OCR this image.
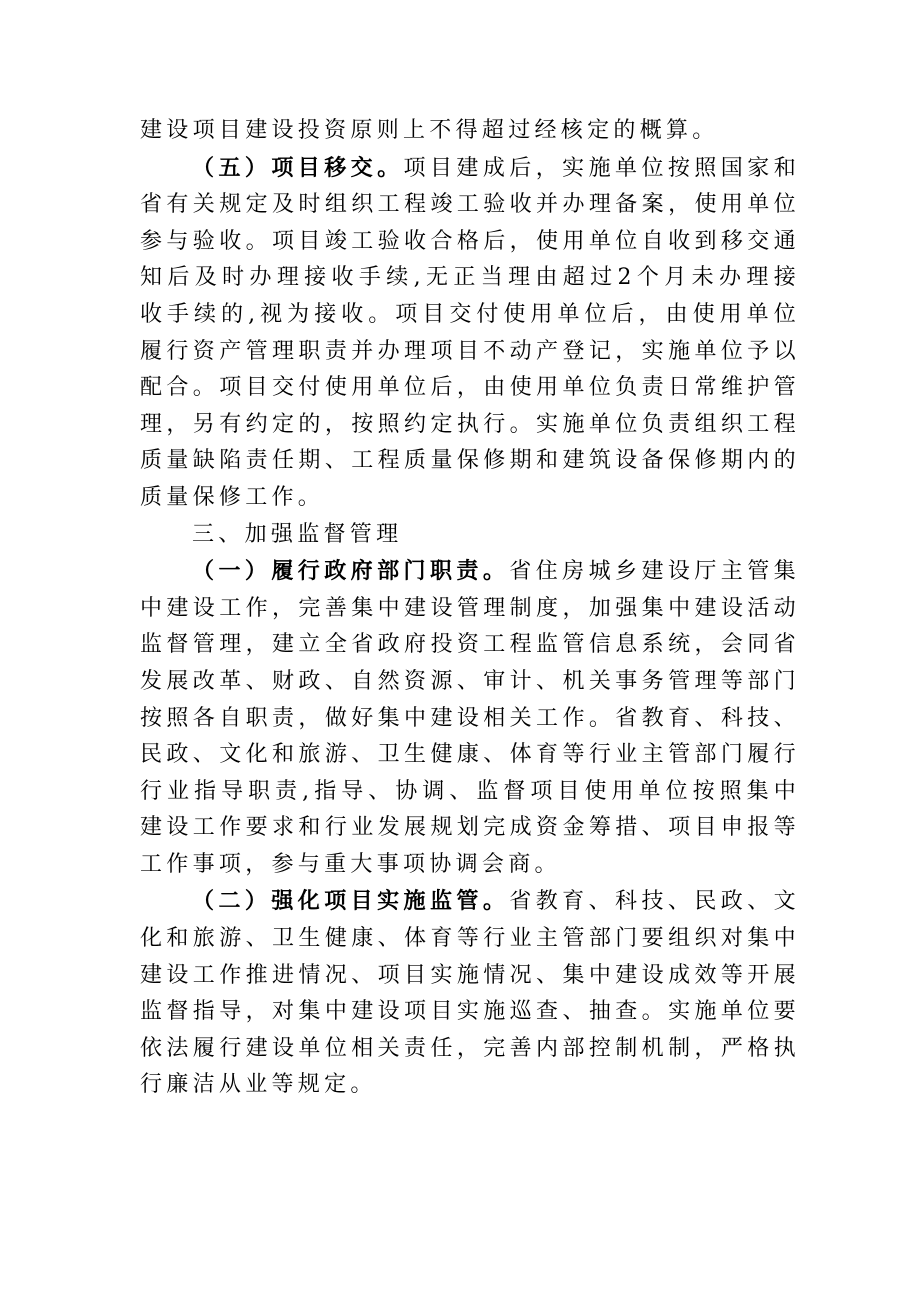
建设项目建设投资原则上不得超过经核定的概算。

（五）项目移交。项目建成后，实施单位按照国家和省有关规定及时组织工程竣工验收并办理备案，使用单位参与验收。项目竣工验收合格后，使用单位自收到移交通知后及时办理接收手续,无正当理由超过2个月未办理接收手续的,视为接收。项目交付使用单位后，由使用单位履行资产管理职责并办理项目不动产登记，实施单位予以配合。项目交付使用单位后，由使用单位负责日常维护管理，另有约定的，按照约定执行。实施单位负责组织工程质量缺陷责任期、工程质量保修期和建筑设备保修期内的质量保修工作。

三、加强监督管理

（一）履行政府部门职责。省住房城乡建设厅主管集中建设工作，完善集中建设管理制度，加强集中建设活动监督管理，建立全省政府投资工程监管信息系统，会同省发展改革、财政、自然资源、审计、机关事务管理等部门按照各自职责，做好集中建设相关工作。省教育、科技、民政、文化和旅游、卫生健康、体育等行业主管部门履行行业指导职责,指导、协调、监督项目使用单位按照集中建设工作要求和行业发展规划完成资金筹措、项目申报等工作事项，参与重大事项协调会商。

（二）强化项目实施监管。省教育、科技、民政、文化和旅游、卫生健康、体育等行业主管部门要组织对集中建设工作推进情况、项目实施情况、集中建设成效等开展监督指导，对集中建设项目实施巡查、抽查。实施单位要依法履行建设单位相关责任，完善内部控制机制，严格执行廉洁从业等规定。
